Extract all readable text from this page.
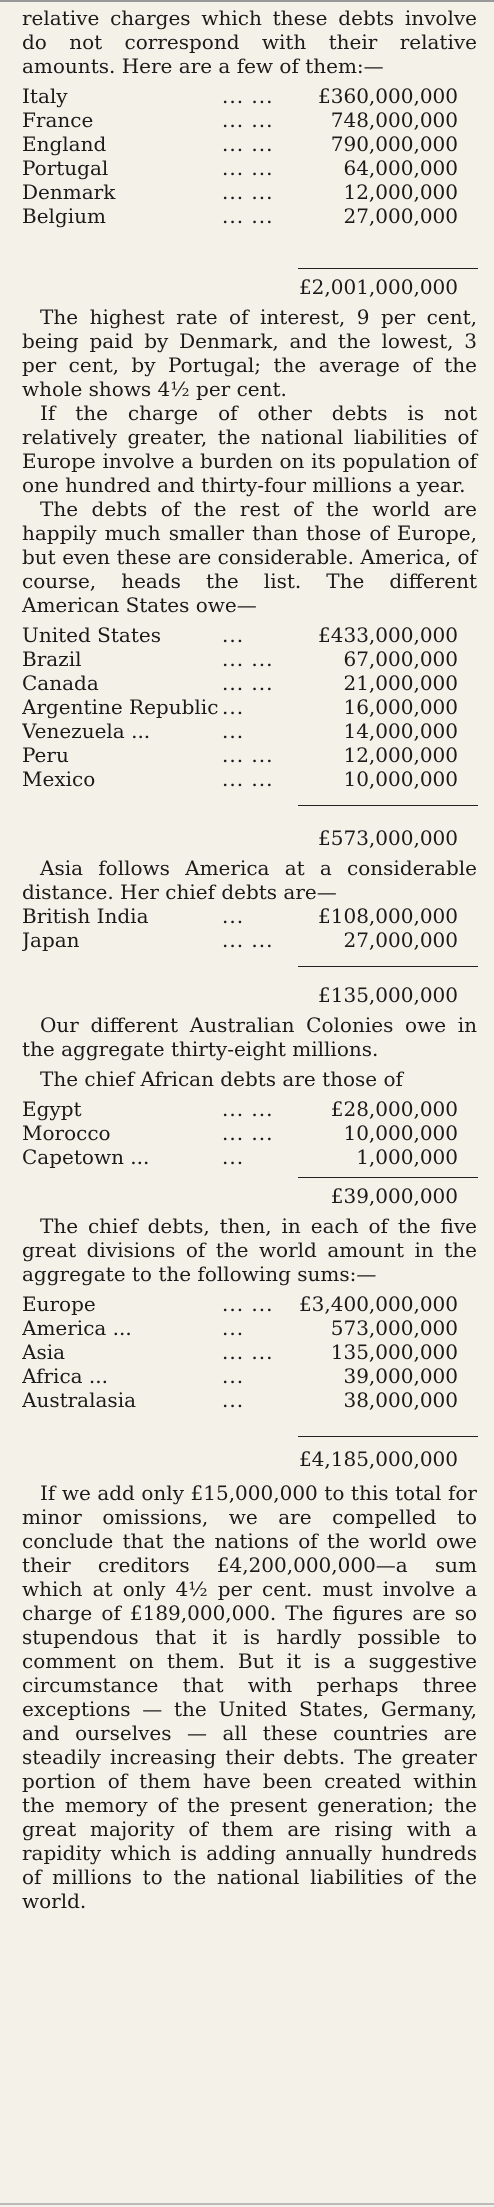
relative charges which these debts involve do not correspond with their relative amounts. Here are a few of them:—

Italy	... ...	£360,000,000
France	... ...	748,000,000
England	... ...	790,000,000
Portugal	... ...	64,000,000
Denmark	... ...	12,000,000
Belgium	... ...	27,000,000
£2,001,000,000

The highest rate of interest, 9 per cent, being paid by Denmark, and the lowest, 3 per cent, by Portugal; the average of the whole shows 4½ per cent.

If the charge of other debts is not relatively greater, the national liabilities of Europe involve a burden on its population of one hundred and thirty-four millions a year.

The debts of the rest of the world are happily much smaller than those of Europe, but even these are considerable. America, of course, heads the list. The different American States owe—

United States	...	£433,000,000
Brazil	... ...	67,000,000
Canada	... ...	21,000,000
Argentine Republic ...	16,000,000
Venezuela ...	...	14,000,000
Peru	... ...	12,000,000
Mexico	... ...	10,000,000
£573,000,000

Asia follows America at a considerable distance. Her chief debts are—

British India	...	£108,000,000
Japan	... ...	27,000,000
£135,000,000

Our different Australian Colonies owe in the aggregate thirty-eight millions.

The chief African debts are those of

Egypt	... ...	£28,000,000
Morocco	... ...	10,000,000
Capetown ...	...	1,000,000
£39,000,000

The chief debts, then, in each of the five great divisions of the world amount in the aggregate to the following sums:—

Europe	... ...	£3,400,000,000
America ...	...	573,000,000
Asia	... ...	135,000,000
Africa ...	...	39,000,000
Australasia	...	38,000,000
£4,185,000,000

If we add only £15,000,000 to this total for minor omissions, we are compelled to conclude that the nations of the world owe their creditors £4,200,000,000—a sum which at only 4½ per cent. must involve a charge of £189,000,000. The figures are so stupendous that it is hardly possible to comment on them. But it is a suggestive circumstance that with perhaps three exceptions — the United States, Germany, and ourselves — all these countries are steadily increasing their debts. The greater portion of them have been created within the memory of the present generation; the great majority of them are rising with a rapidity which is adding annually hundreds of millions to the national liabilities of the world.
